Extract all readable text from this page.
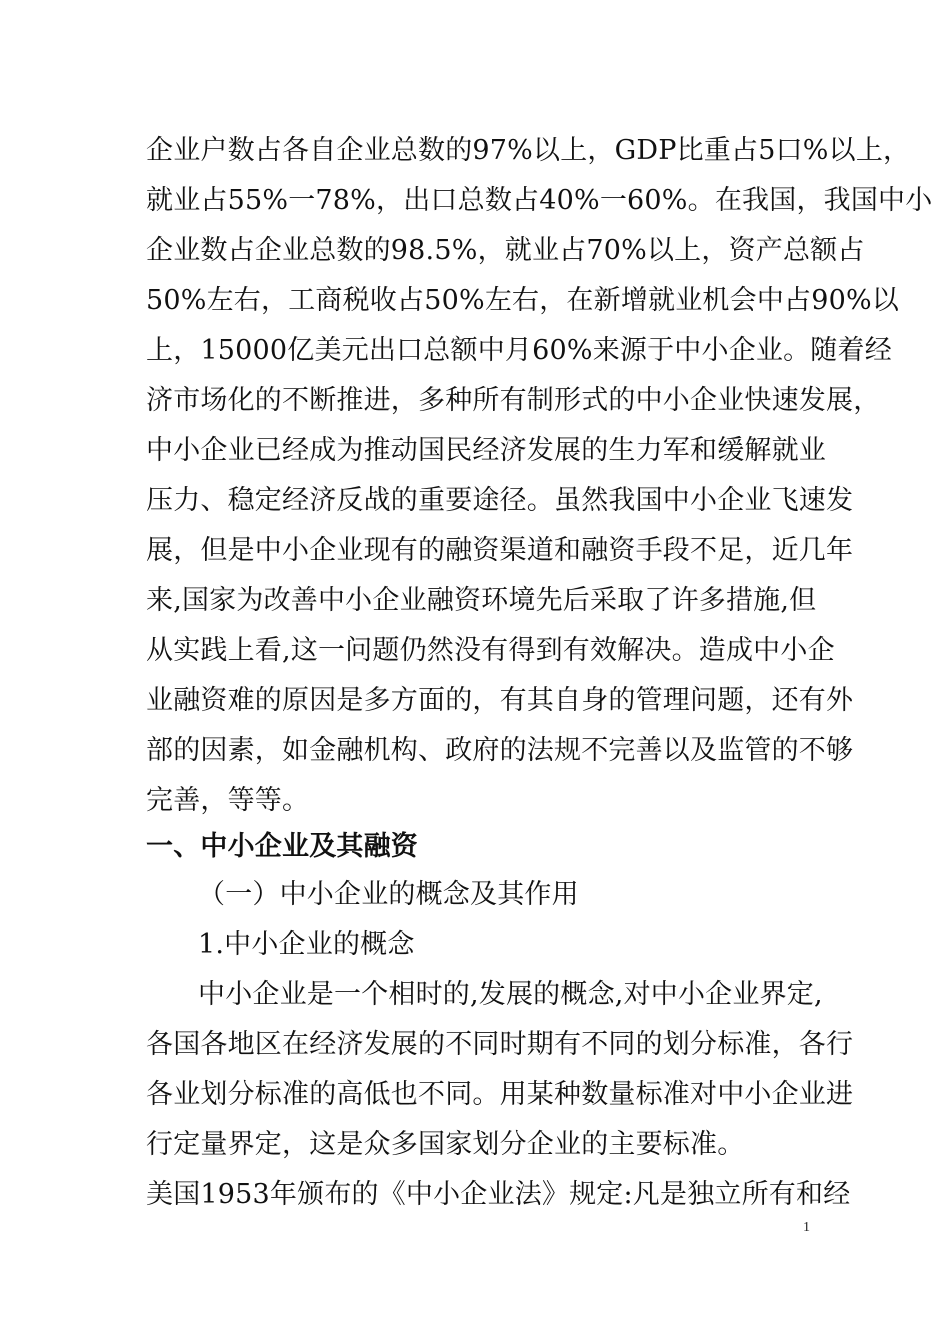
企业户数占各自企业总数的97%以上，GDP比重占5口%以上，
就业占55%一78%，出口总数占40%一60%。在我国，我国中小
企业数占企业总数的98.5%，就业占70%以上，资产总额占
50%左右，工商税收占50%左右，在新增就业机会中占90%以
上，15000亿美元出口总额中月60%来源于中小企业。随着经
济市场化的不断推进，多种所有制形式的中小企业快速发展，
中小企业已经成为推动国民经济发展的生力军和缓解就业
压力、稳定经济反战的重要途径。虽然我国中小企业飞速发
展，但是中小企业现有的融资渠道和融资手段不足，近几年
来,国家为改善中小企业融资环境先后采取了许多措施,但
从实践上看,这一问题仍然没有得到有效解决。造成中小企
业融资难的原因是多方面的，有其自身的管理问题，还有外
部的因素，如金融机构、政府的法规不完善以及监管的不够
完善，等等。
一、中小企业及其融资
（一）中小企业的概念及其作用
1.中小企业的概念
中小企业是一个相时的,发展的概念,对中小企业界定,
各国各地区在经济发展的不同时期有不同的划分标准，各行
各业划分标准的高低也不同。用某种数量标准对中小企业进
行定量界定，这是众多国家划分企业的主要标准。
美国1953年颁布的《中小企业法》规定:凡是独立所有和经
1
